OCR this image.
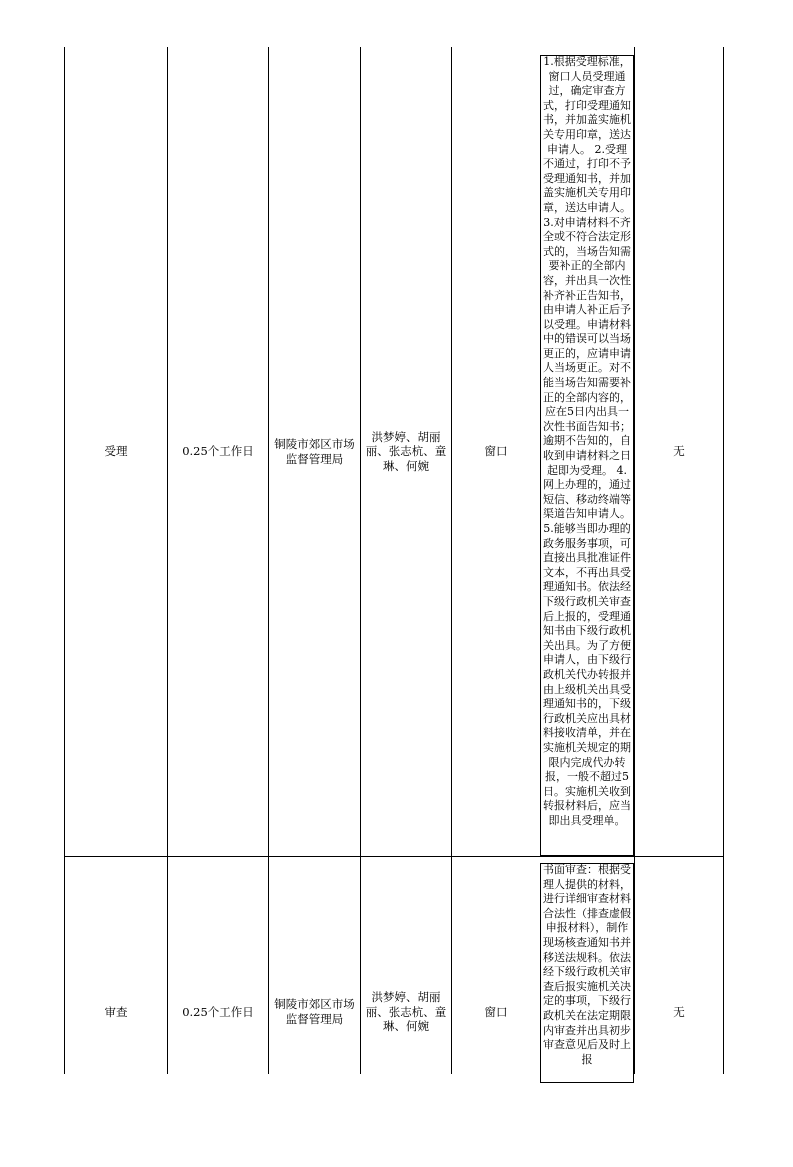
受理	0.25个工作日
铜陵市郊区市场监督管理局
洪梦婷、胡丽丽、张志杭、童琳、何婉
窗口
1.根据受理标准，窗口人员受理通过，确定审查方式，打印受理通知书，并加盖实施机关专用印章，送达申请人。 2.受理不通过，打印不予受理通知书，并加盖实施机关专用印章，送达申请人。 3.对申请材料不齐全或不符合法定形式的，当场告知需要补正的全部内容，并出具一次性补齐补正告知书，由申请人补正后予以受理。申请材料中的错误可以当场更正的，应请申请人当场更正。对不能当场告知需要补正的全部内容的，应在5日内出具一次性书面告知书；逾期不告知的，自收到申请材料之日起即为受理。 4.网上办理的，通过短信、移动终端等渠道告知申请人。 5.能够当即办理的政务服务事项，可直接出具批准证件文本，不再出具受理通知书。依法经下级行政机关审查后上报的，受理通知书由下级行政机关出具。为了方便申请人，由下级行政机关代办转报并由上级机关出具受理通知书的，下级行政机关应出具材料接收清单，并在实施机关规定的期限内完成代办转报，一般不超过5日。实施机关收到转报材料后，应当即出具受理单。
无
审查	0.25个工作日
铜陵市郊区市场监督管理局
洪梦婷、胡丽丽、张志杭、童琳、何婉
窗口
书面审查：根据受理人提供的材料，进行详细审查材料合法性（排查虚假申报材料），制作现场核查通知书并移送法规科。依法经下级行政机关审查后报实施机关决定的事项，下级行政机关在法定期限内审查并出具初步审查意见后及时上报
无
